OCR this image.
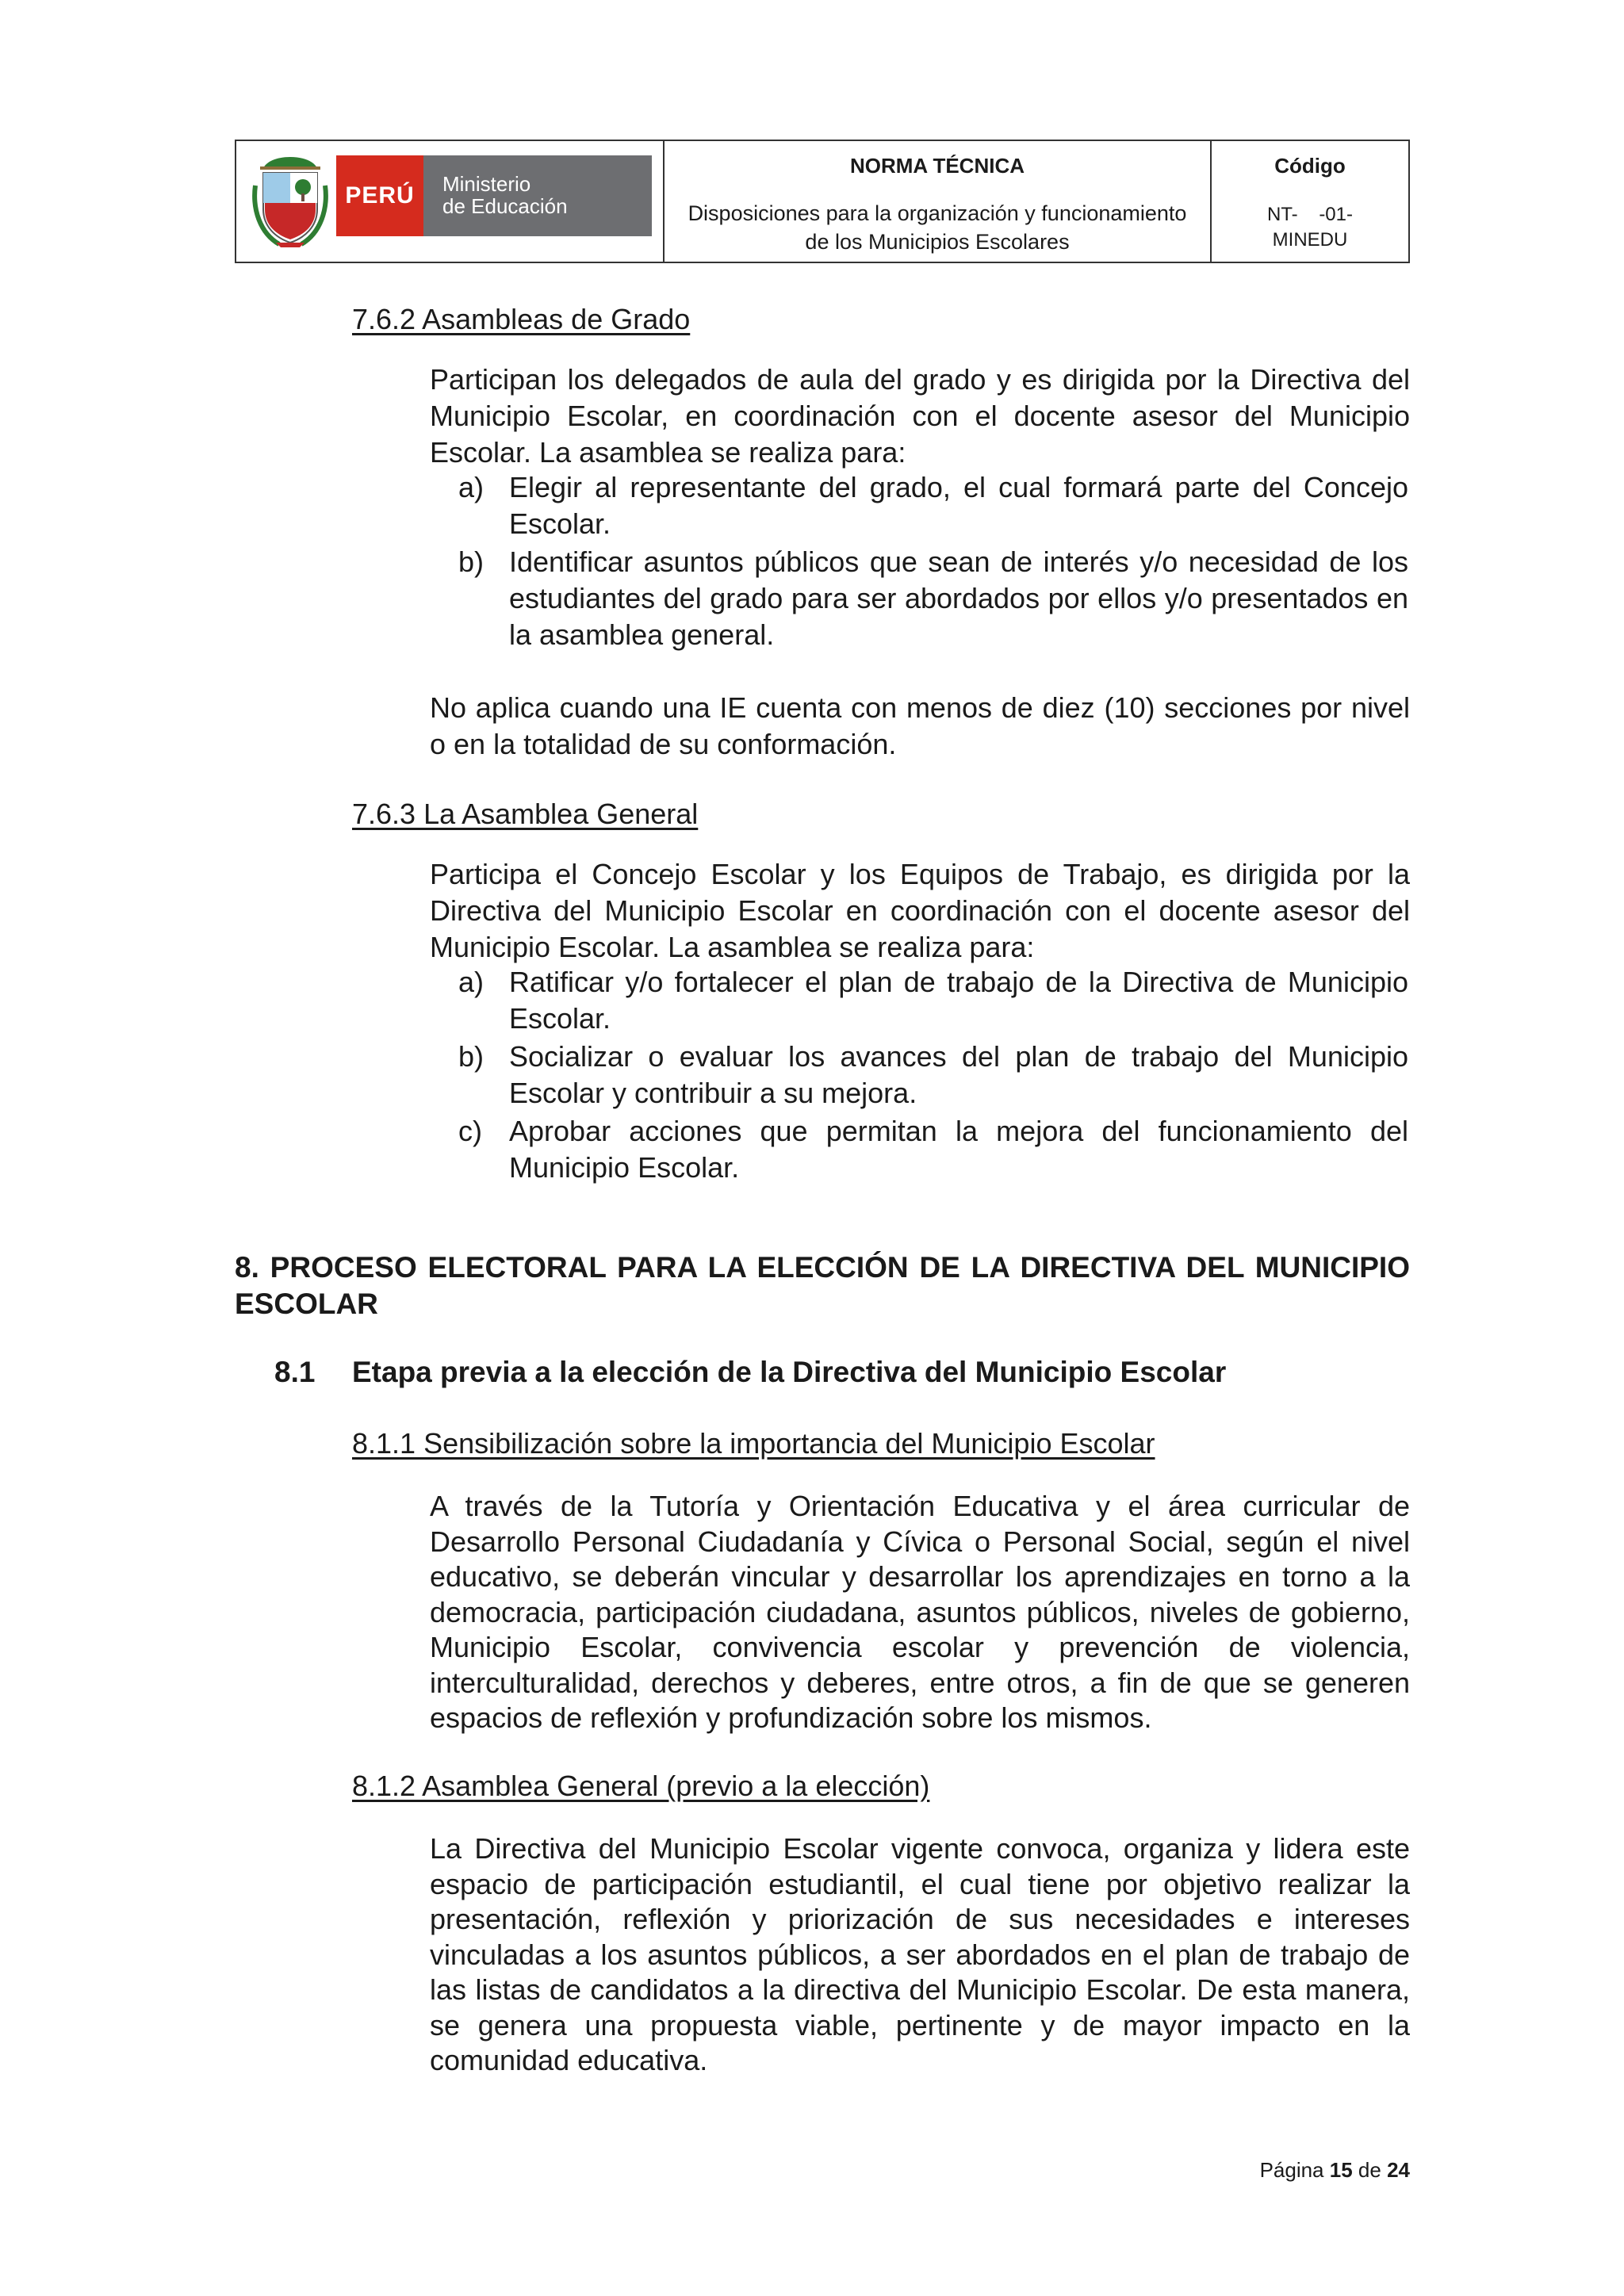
PERÚ	Ministerio
de Educación
NORMA TÉCNICA
Disposiciones para la organización y funcionamiento de los Municipios Escolares
Código
NT-    -01- MINEDU
7.6.2 Asambleas de Grado
Participan los delegados de aula del grado y es dirigida por la Directiva del Municipio Escolar, en coordinación con el docente asesor del Municipio Escolar. La asamblea se realiza para:
a) Elegir al representante del grado, el cual formará parte del Concejo Escolar.
b) Identificar asuntos públicos que sean de interés y/o necesidad de los estudiantes del grado para ser abordados por ellos y/o presentados en la asamblea general.
No aplica cuando una IE cuenta con menos de diez (10) secciones por nivel o en la totalidad de su conformación.
7.6.3 La Asamblea General
Participa el Concejo Escolar y los Equipos de Trabajo, es dirigida por la Directiva del Municipio Escolar en coordinación con el docente asesor del Municipio Escolar. La asamblea se realiza para:
a) Ratificar y/o fortalecer el plan de trabajo de la Directiva de Municipio Escolar.
b) Socializar o evaluar los avances del plan de trabajo del Municipio Escolar y contribuir a su mejora.
c) Aprobar acciones que permitan la mejora del funcionamiento del Municipio Escolar.
8. PROCESO ELECTORAL PARA LA ELECCIÓN DE LA DIRECTIVA DEL MUNICIPIO ESCOLAR
8.1 Etapa previa a la elección de la Directiva del Municipio Escolar
8.1.1 Sensibilización sobre la importancia del Municipio Escolar
A través de la Tutoría y Orientación Educativa y el área curricular de Desarrollo Personal Ciudadanía y Cívica o Personal Social, según el nivel educativo, se deberán vincular y desarrollar los aprendizajes en torno a la democracia, participación ciudadana, asuntos públicos, niveles de gobierno, Municipio Escolar, convivencia escolar y prevención de violencia, interculturalidad, derechos y deberes, entre otros, a fin de que se generen espacios de reflexión y profundización sobre los mismos.
8.1.2 Asamblea General (previo a la elección)
La Directiva del Municipio Escolar vigente convoca, organiza y lidera este espacio de participación estudiantil, el cual tiene por objetivo realizar la presentación, reflexión y priorización de sus necesidades e intereses vinculadas a los asuntos públicos, a ser abordados en el plan de trabajo de las listas de candidatos a la directiva del Municipio Escolar. De esta manera, se genera una propuesta viable, pertinente y de mayor impacto en la comunidad educativa.
Página 15 de 24
